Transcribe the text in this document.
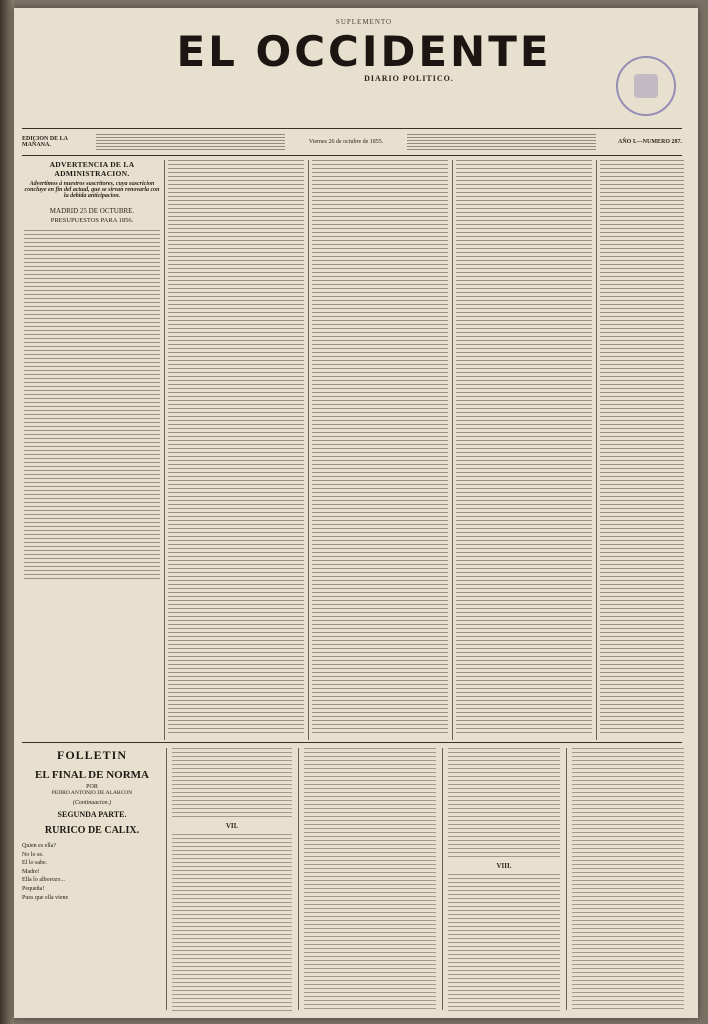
SUPLEMENTO
EL OCCIDENTE
DIARIO POLITICO.
EDICION DE LA MAÑANA.	Viernes 26 de octubre de 1855.	AÑO I.—NUMERO 287.
ADVERTENCIA DE LA ADMINISTRACION.
Advertimos á nuestros suscritores, cuya suscricion concluye en fin del actual, que se sirvan renovarla con la debida anticipacion.
MADRID 25 DE OCTUBRE.
PRESUPUESTOS PARA 1856.
FOLLETIN
EL FINAL DE NORMA
POR
PEDRO ANTONIO DE ALARCON
(Continuacion.)
SEGUNDA PARTE.
RURICO DE CALIX.
Quien es ella?
No lo se.
El lo sabe.
Madre!
Ella lo alborozo...
Pequeña!
Pues que ella viene
VII.
VIII.
